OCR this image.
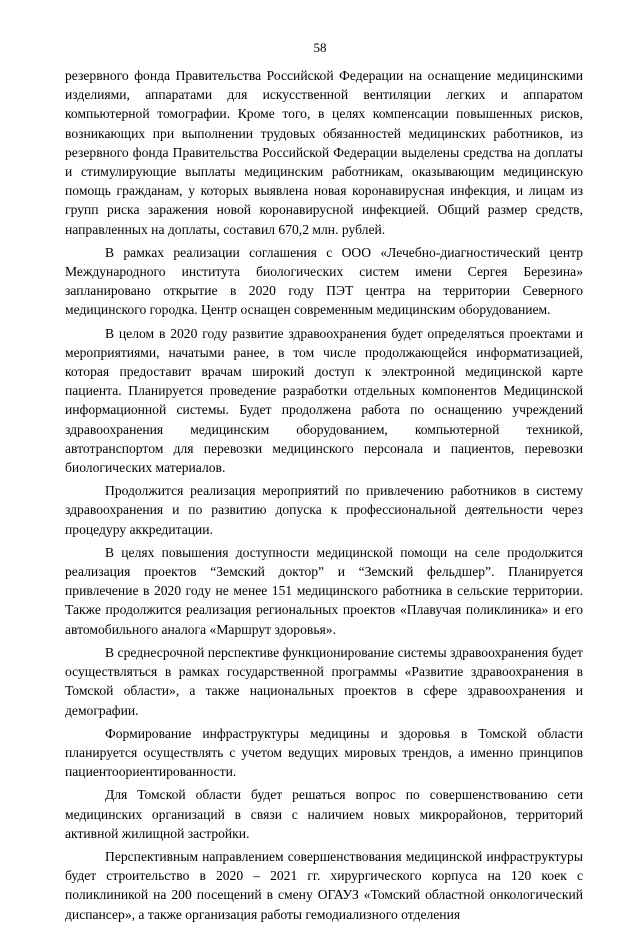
58

резервного фонда Правительства Российской Федерации на оснащение медицинскими изделиями, аппаратами для искусственной вентиляции легких и аппаратом компьютерной томографии. Кроме того, в целях компенсации повышенных рисков, возникающих при выполнении трудовых обязанностей медицинских работников, из резервного фонда Правительства Российской Федерации выделены средства на доплаты и стимулирующие выплаты медицинским работникам, оказывающим медицинскую помощь гражданам, у которых выявлена новая коронавирусная инфекция, и лицам из групп риска заражения новой коронавирусной инфекцией. Общий размер средств, направленных на доплаты, составил 670,2 млн. рублей.

В рамках реализации соглашения с ООО «Лечебно-диагностический центр Международного института биологических систем имени Сергея Березина» запланировано открытие в 2020 году ПЭТ центра на территории Северного медицинского городка. Центр оснащен современным медицинским оборудованием.

В целом в 2020 году развитие здравоохранения будет определяться проектами и мероприятиями, начатыми ранее, в том числе продолжающейся информатизацией, которая предоставит врачам широкий доступ к электронной медицинской карте пациента. Планируется проведение разработки отдельных компонентов Медицинской информационной системы. Будет продолжена работа по оснащению учреждений здравоохранения медицинским оборудованием, компьютерной техникой, автотранспортом для перевозки медицинского персонала и пациентов, перевозки биологических материалов.

Продолжится реализация мероприятий по привлечению работников в систему здравоохранения и по развитию допуска к профессиональной деятельности через процедуру аккредитации.

В целях повышения доступности медицинской помощи на селе продолжится реализация проектов “Земский доктор” и “Земский фельдшер”. Планируется привлечение в 2020 году не менее 151 медицинского работника в сельские территории. Также продолжится реализация региональных проектов «Плавучая поликлиника» и его автомобильного аналога «Маршрут здоровья».

В среднесрочной перспективе функционирование системы здравоохранения будет осуществляться в рамках государственной программы «Развитие здравоохранения в Томской области», а также национальных проектов в сфере здравоохранения и демографии.

Формирование инфраструктуры медицины и здоровья в Томской области планируется осуществлять с учетом ведущих мировых трендов, а именно принципов пациентоориентированности.

Для Томской области будет решаться вопрос по совершенствованию сети медицинских организаций в связи с наличием новых микрорайонов, территорий активной жилищной застройки.

Перспективным направлением совершенствования медицинской инфраструктуры будет строительство в 2020 – 2021 гг. хирургического корпуса на 120 коек с поликлиникой на 200 посещений в смену ОГАУЗ «Томский областной онкологический диспансер», а также организация работы гемодиализного отделения
